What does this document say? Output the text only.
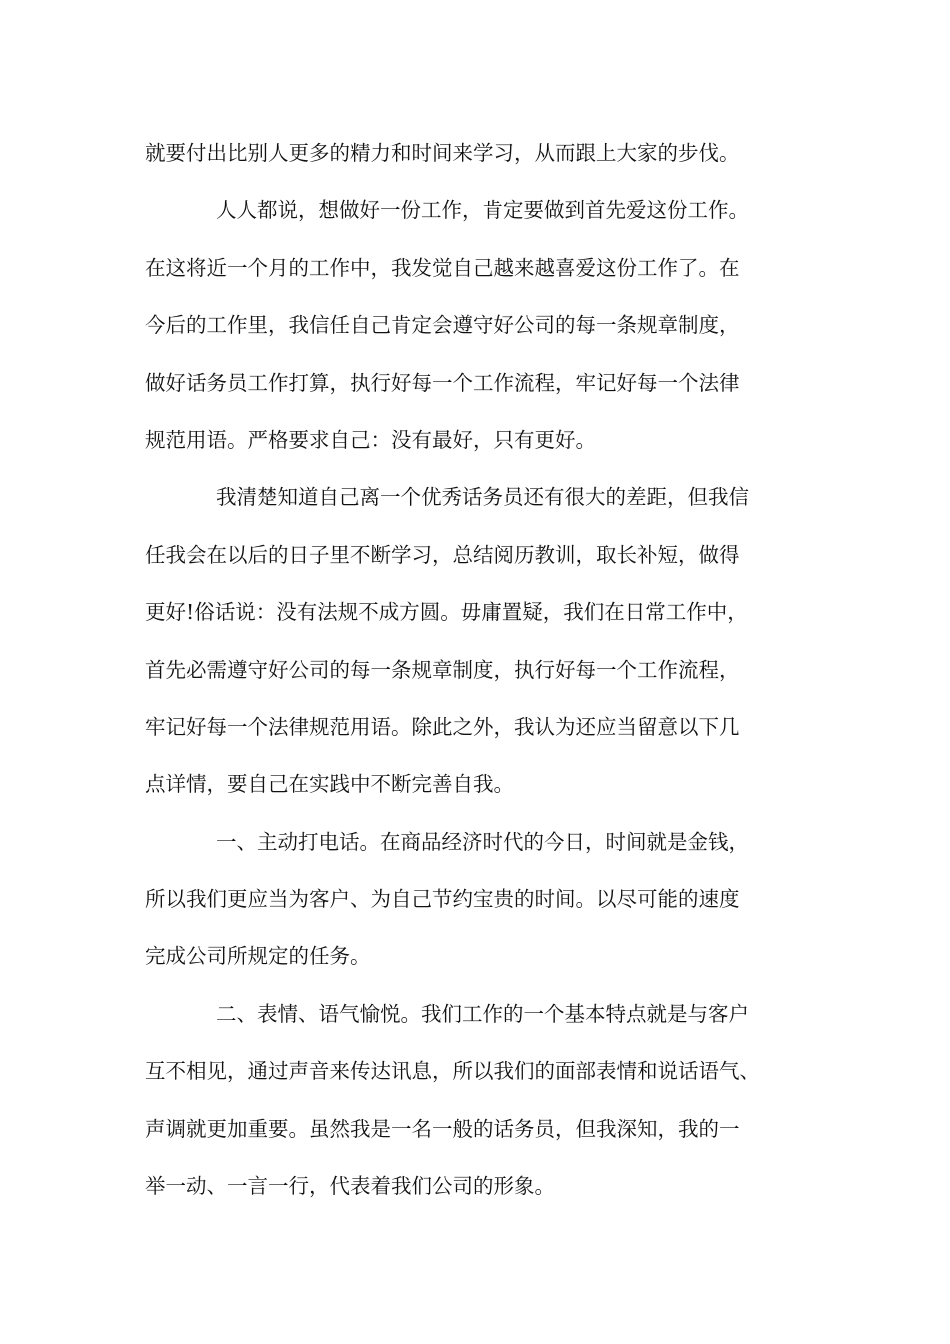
就要付出比别人更多的精力和时间来学习，从而跟上大家的步伐。
人人都说，想做好一份工作，肯定要做到首先爱这份工作。
在这将近一个月的工作中，我发觉自己越来越喜爱这份工作了。在
今后的工作里，我信任自己肯定会遵守好公司的每一条规章制度，
做好话务员工作打算，执行好每一个工作流程，牢记好每一个法律
规范用语。严格要求自己：没有最好，只有更好。
我清楚知道自己离一个优秀话务员还有很大的差距，但我信
任我会在以后的日子里不断学习，总结阅历教训，取长补短，做得
更好!俗话说：没有法规不成方圆。毋庸置疑，我们在日常工作中，
首先必需遵守好公司的每一条规章制度，执行好每一个工作流程，
牢记好每一个法律规范用语。除此之外，我认为还应当留意以下几
点详情，要自己在实践中不断完善自我。
一、主动打电话。在商品经济时代的今日，时间就是金钱，
所以我们更应当为客户、为自己节约宝贵的时间。以尽可能的速度
完成公司所规定的任务。
二、表情、语气愉悦。我们工作的一个基本特点就是与客户
互不相见，通过声音来传达讯息，所以我们的面部表情和说话语气、
声调就更加重要。虽然我是一名一般的话务员，但我深知，我的一
举一动、一言一行，代表着我们公司的形象。
